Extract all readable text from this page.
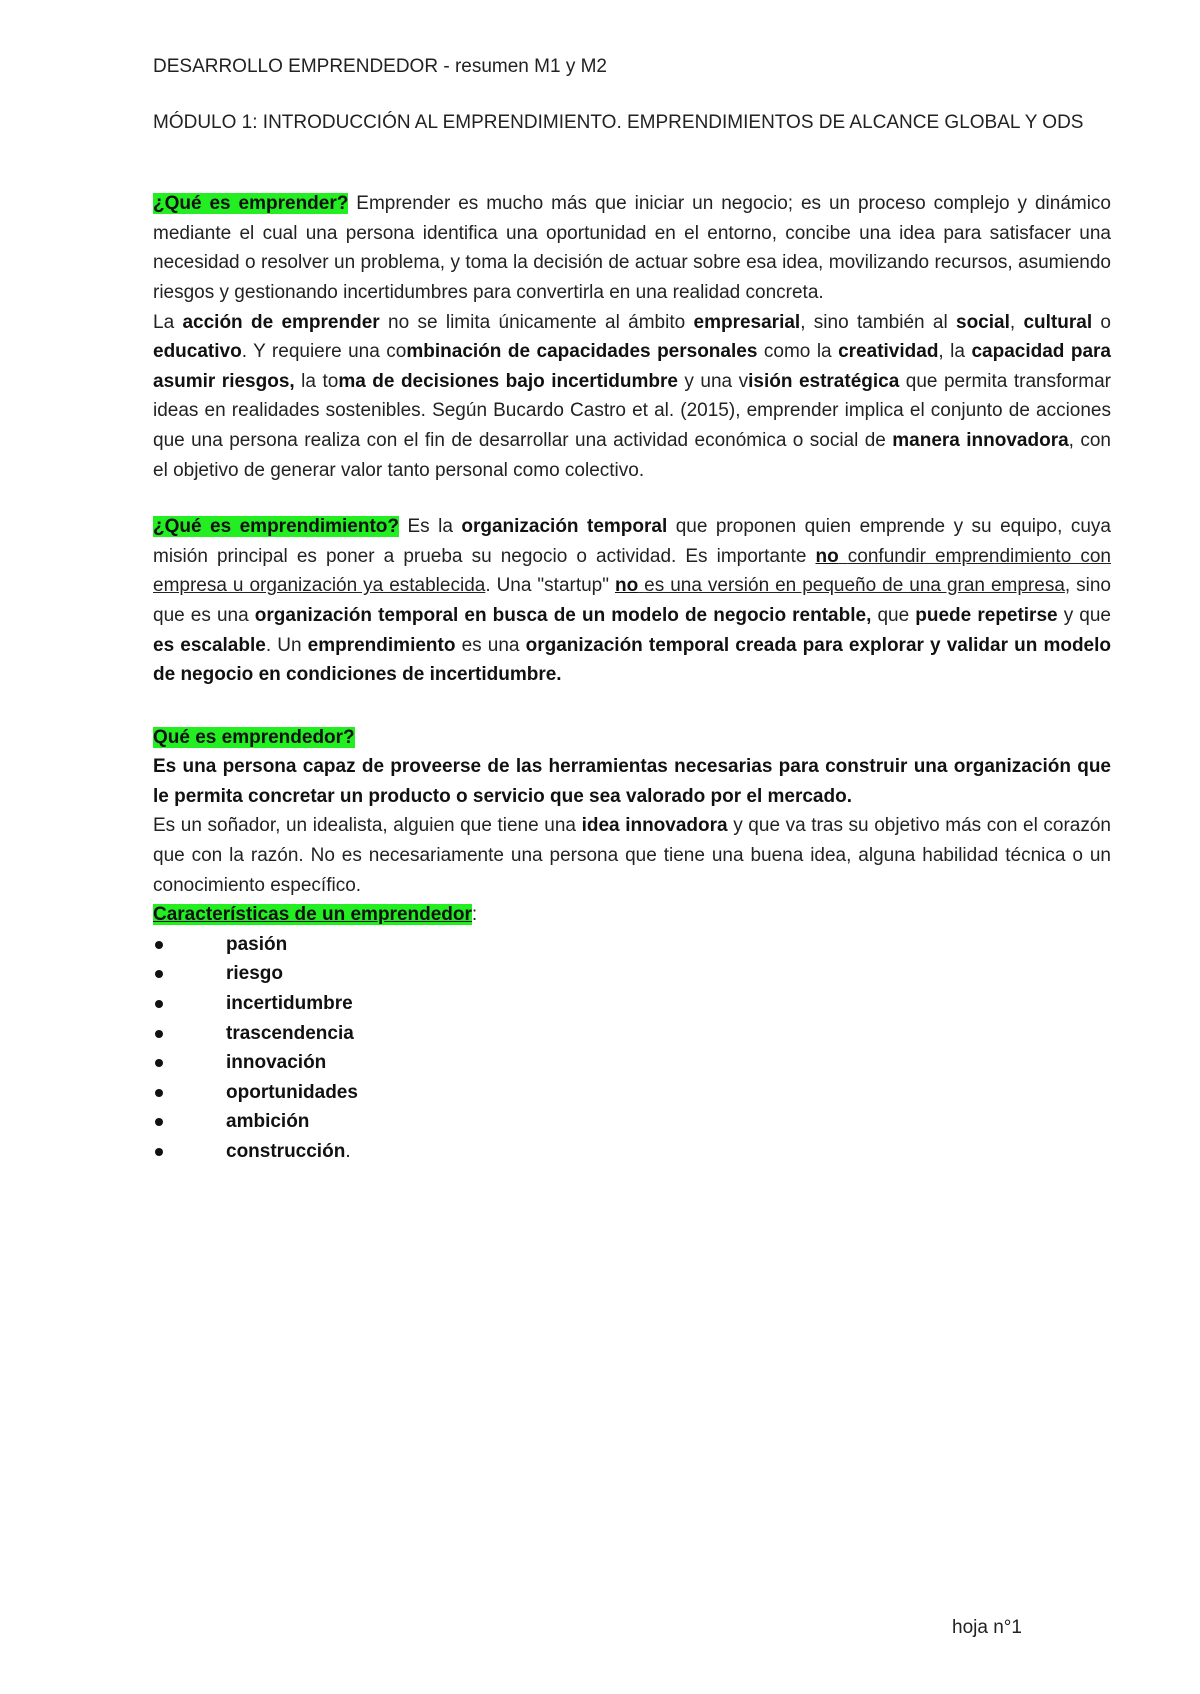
DESARROLLO EMPRENDEDOR - resumen M1 y M2

MÓDULO 1: INTRODUCCIÓN AL EMPRENDIMIENTO. EMPRENDIMIENTOS DE ALCANCE GLOBAL Y ODS

¿Qué es emprender? Emprender es mucho más que iniciar un negocio; es un proceso complejo y dinámico mediante el cual una persona identifica una oportunidad en el entorno, concibe una idea para satisfacer una necesidad o resolver un problema, y toma la decisión de actuar sobre esa idea, movilizando recursos, asumiendo riesgos y gestionando incertidumbres para convertirla en una realidad concreta.

La acción de emprender no se limita únicamente al ámbito empresarial, sino también al social, cultural o educativo. Y requiere una combinación de capacidades personales como la creatividad, la capacidad para asumir riesgos, la toma de decisiones bajo incertidumbre y una visión estratégica que permita transformar ideas en realidades sostenibles. Según Bucardo Castro et al. (2015), emprender implica el conjunto de acciones que una persona realiza con el fin de desarrollar una actividad económica o social de manera innovadora, con el objetivo de generar valor tanto personal como colectivo.

¿Qué es emprendimiento? Es la organización temporal que proponen quien emprende y su equipo, cuya misión principal es poner a prueba su negocio o actividad. Es importante no confundir emprendimiento con empresa u organización ya establecida. Una "startup" no es una versión en pequeño de una gran empresa, sino que es una organización temporal en busca de un modelo de negocio rentable, que puede repetirse y que es escalable. Un emprendimiento es una organización temporal creada para explorar y validar un modelo de negocio en condiciones de incertidumbre.

Qué es emprendedor?

Es una persona capaz de proveerse de las herramientas necesarias para construir una organización que le permita concretar un producto o servicio que sea valorado por el mercado.

Es un soñador, un idealista, alguien que tiene una idea innovadora y que va tras su objetivo más con el corazón que con la razón. No es necesariamente una persona que tiene una buena idea, alguna habilidad técnica o un conocimiento específico.

Características de un emprendedor:

pasión
riesgo
incertidumbre
trascendencia
innovación
oportunidades
ambición
construcción.
hoja n°1
